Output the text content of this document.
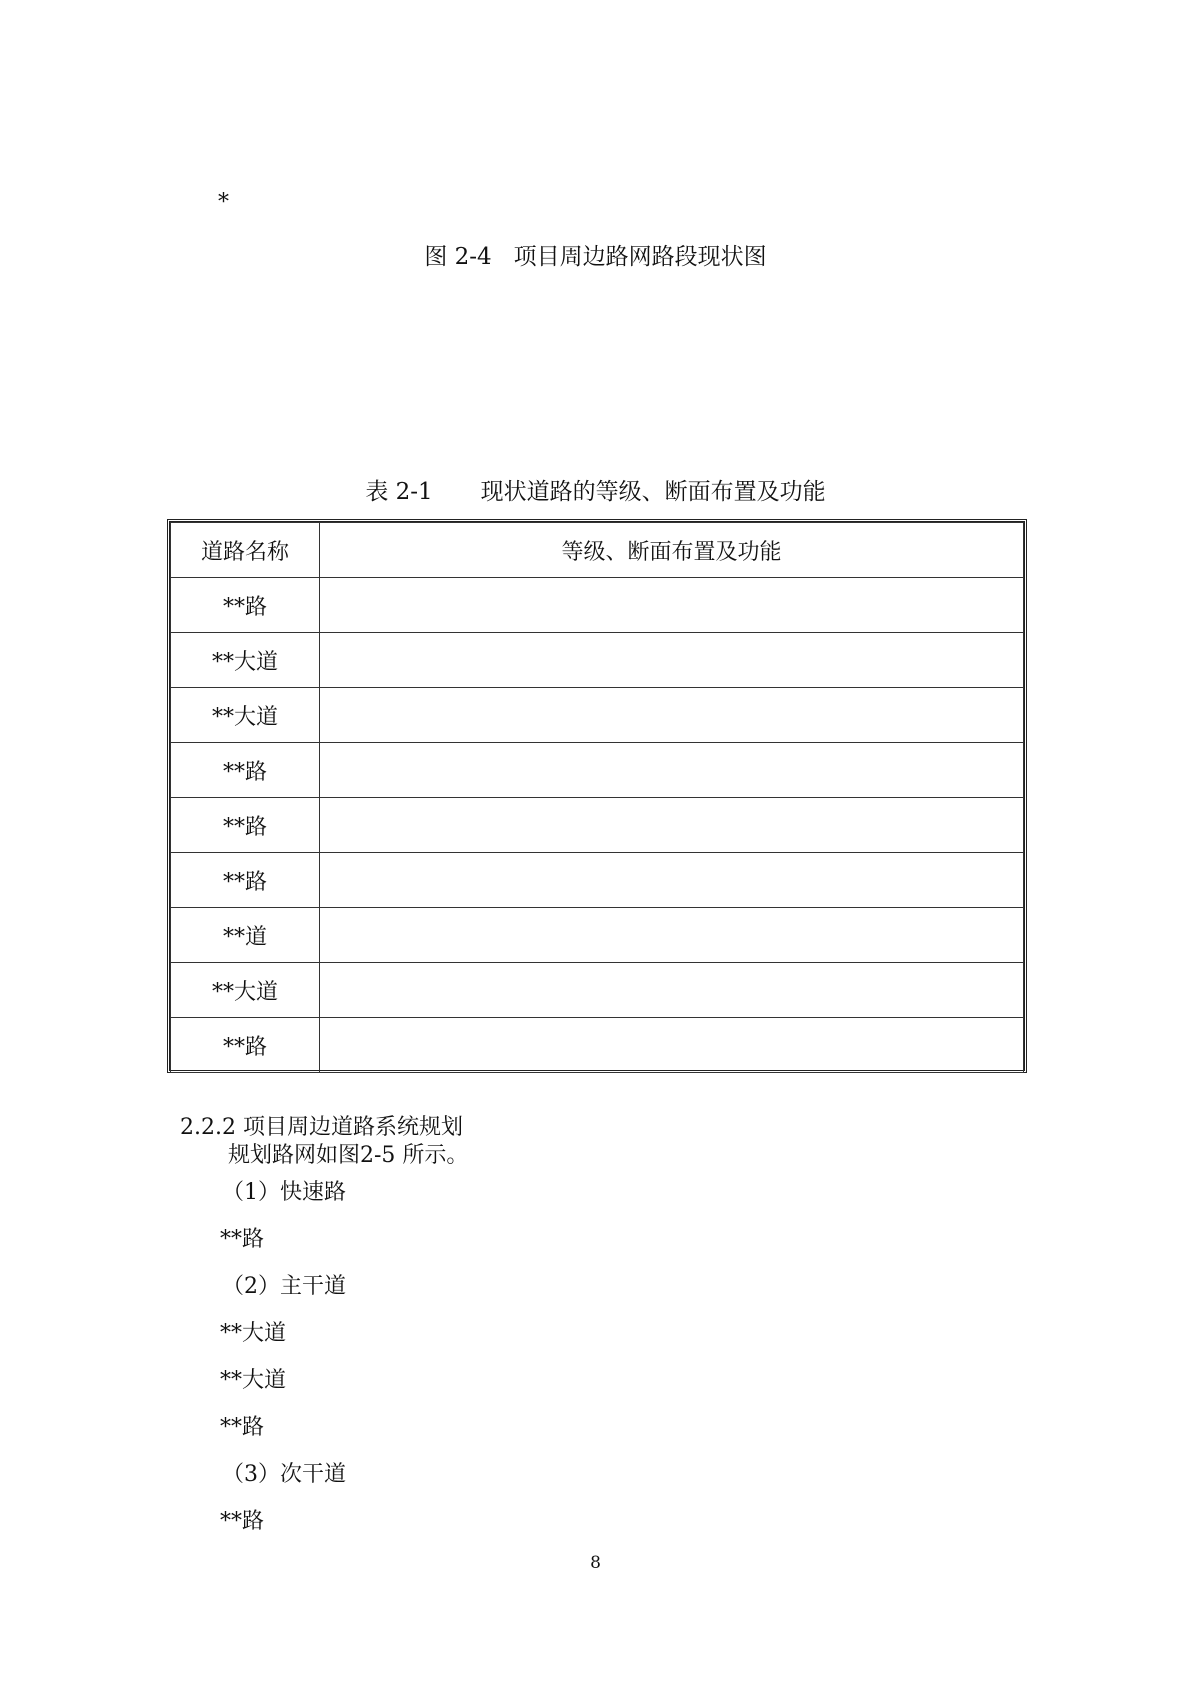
*
图 2-4 项目周边路网路段现状图
表 2-1 现状道路的等级、断面布置及功能
道路名称	等级、断面布置及功能
**路	
**大道	
**大道	
**路	
**路	
**路	
**道	
**大道	
**路	
2.2.2 项目周边道路系统规划
规划路网如图2-5 所示。
（1）快速路
**路
（2）主干道
**大道
**大道
**路
（3）次干道
**路
8
